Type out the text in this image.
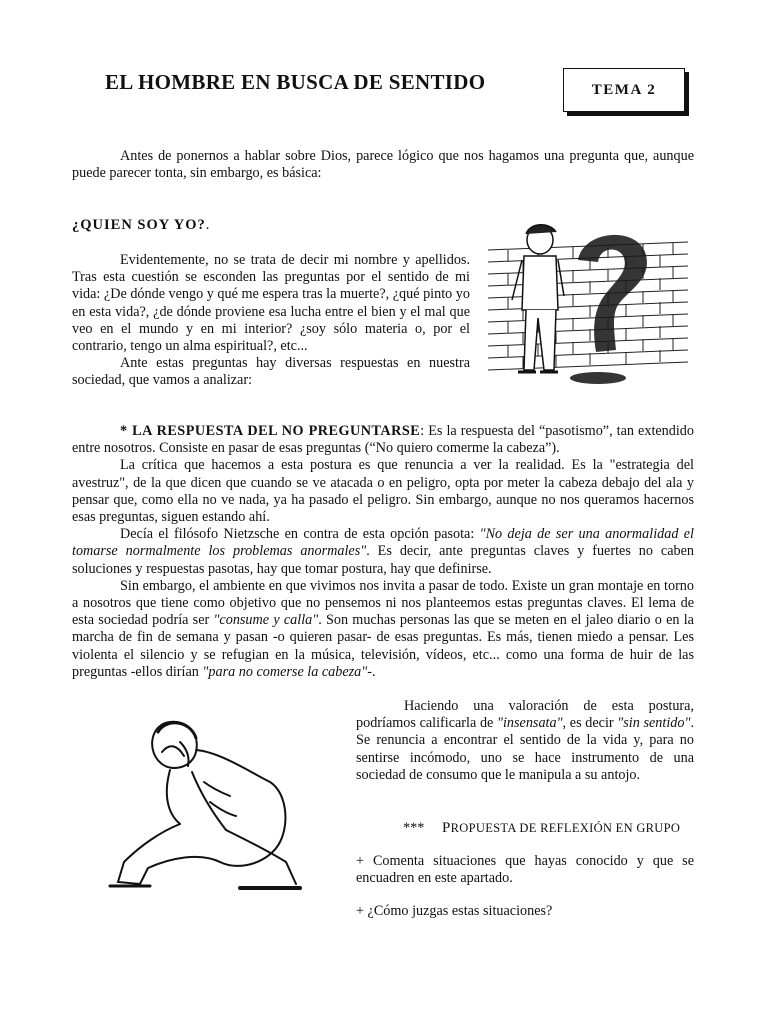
EL HOMBRE EN BUSCA DE SENTIDO	TEMA 2

Antes de ponernos a hablar sobre Dios, parece lógico que nos hagamos una pregunta que, aunque puede parecer tonta, sin embargo, es básica:

¿QUIEN SOY YO?.

Evidentemente, no se trata de decir mi nombre y apellidos. Tras esta cuestión se esconden las preguntas por el sentido de mi vida: ¿De dónde vengo y qué me espera tras la muerte?, ¿qué pinto yo en esta vida?, ¿de dónde proviene esa lucha entre el bien y el mal que veo en el mundo y en mi interior? ¿soy sólo materia o, por el contrario, tengo un alma espiritual?, etc...

Ante estas preguntas hay diversas respuestas en nuestra sociedad, que vamos a analizar:

* LA RESPUESTA DEL NO PREGUNTARSE: Es la respuesta del “pasotismo”, tan extendido entre nosotros. Consiste en pasar de esas preguntas (“No quiero comerme la cabeza”).

La crítica que hacemos a esta postura es que renuncia a ver la realidad. Es la "estrategia del avestruz", de la que dicen que cuando se ve atacada o en peligro, opta por meter la cabeza debajo del ala y pensar que, como ella no ve nada, ya ha pasado el peligro. Sin embargo, aunque no nos queramos hacernos esas preguntas, siguen estando ahí.

Decía el filósofo Nietzsche en contra de esta opción pasota: "No deja de ser una anormalidad el tomarse normalmente los problemas anormales". Es decir, ante preguntas claves y fuertes no caben soluciones y respuestas pasotas, hay que tomar postura, hay que definirse.

Sin embargo, el ambiente en que vivimos nos invita a pasar de todo. Existe un gran montaje en torno a nosotros que tiene como objetivo que no pensemos ni nos planteemos estas preguntas claves. El lema de esta sociedad podría ser "consume y calla". Son muchas personas las que se meten en el jaleo diario o en la marcha de fin de semana y pasan -o quieren pasar- de esas preguntas. Es más, tienen miedo a pensar. Les violenta el silencio y se refugian en la música, televisión, vídeos, etc... como una forma de huir de las preguntas -ellos dirían "para no comerse la cabeza"-.

Haciendo una valoración de esta postura, podríamos calificarla de "insensata", es decir "sin sentido". Se renuncia a encontrar el sentido de la vida y, para no sentirse incómodo, uno se hace instrumento de una sociedad de consumo que le manipula a su antojo.

*** PROPUESTA DE REFLEXIÓN EN GRUPO

+ Comenta situaciones que hayas conocido y que se encuadren en este apartado.

+ ¿Cómo juzgas estas situaciones?
